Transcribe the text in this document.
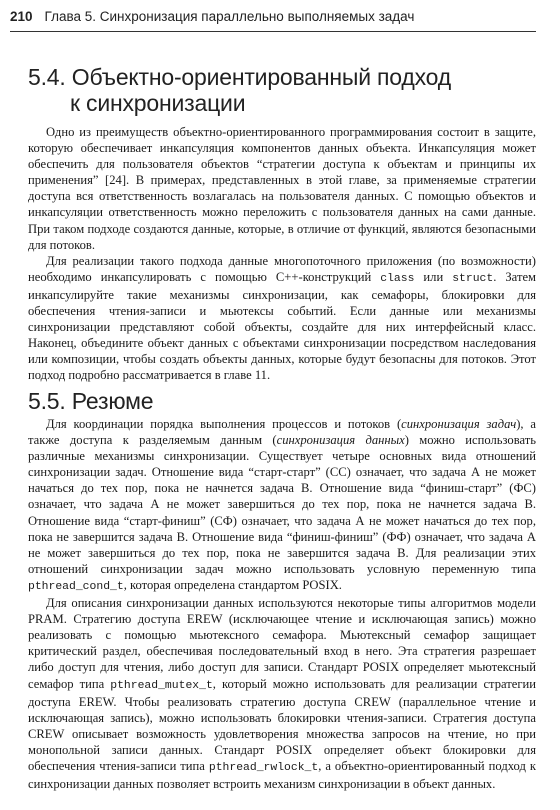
210 Глава 5. Синхронизация параллельно выполняемых задач
5.4. Объектно-ориентированный подход
к синхронизации

Одно из преимуществ объектно-ориентированного программирования состоит в защите, которую обеспечивает инкапсуляция компонентов данных объекта. Инкапсуляция может обеспечить для пользователя объектов “стратегии доступа к объектам и принципы их применения” [24]. В примерах, представленных в этой главе, за применяемые стратегии доступа вся ответственность возлагалась на пользователя данных. С помощью объектов и инкапсуляции ответственность можно переложить с пользователя данных на сами данные. При таком подходе создаются данные, которые, в отличие от функций, являются безопасными для потоков.

Для реализации такого подхода данные многопоточного приложения (по возможности) необходимо инкапсулировать с помощью C++-конструкций class или struct. Затем инкапсулируйте такие механизмы синхронизации, как семафоры, блокировки для обеспечения чтения-записи и мьютексы событий. Если данные или механизмы синхронизации представляют собой объекты, создайте для них интерфейсный класс. Наконец, объедините объект данных с объектами синхронизации посредством наследования или композиции, чтобы создать объекты данных, которые будут безопасны для потоков. Этот подход подробно рассматривается в главе 11.

5.5. Резюме

Для координации порядка выполнения процессов и потоков (синхронизация задач), а также доступа к разделяемым данным (синхронизация данных) можно использовать различные механизмы синхронизации. Существует четыре основных вида отношений синхронизации задач. Отношение вида “старт-старт” (СС) означает, что задача А не может начаться до тех пор, пока не начнется задача В. Отношение вида “финиш-старт” (ФС) означает, что задача А не может завершиться до тех пор, пока не начнется задача В. Отношение вида “старт-финиш” (СФ) означает, что задача А не может начаться до тех пор, пока не завершится задача В. Отношение вида “финиш-финиш” (ФФ) означает, что задача А не может завершиться до тех пор, пока не завершится задача В. Для реализации этих отношений синхронизации задач можно использовать условную переменную типа pthread_cond_t, которая определена стандартом POSIX.

Для описания синхронизации данных используются некоторые типы алгоритмов модели PRAM. Стратегию доступа EREW (исключающее чтение и исключающая запись) можно реализовать с помощью мьютексного семафора. Мьютексный семафор защищает критический раздел, обеспечивая последовательный вход в него. Эта стратегия разрешает либо доступ для чтения, либо доступ для записи. Стандарт POSIX определяет мьютексный семафор типа pthread_mutex_t, который можно использовать для реализации стратегии доступа EREW. Чтобы реализовать стратегию доступа CREW (параллельное чтение и исключающая запись), можно использовать блокировки чтения-записи. Стратегия доступа CREW описывает возможность удовлетворения множества запросов на чтение, но при монопольной записи данных. Стандарт POSIX определяет объект блокировки для обеспечения чтения-записи типа pthread_rwlock_t, а объектно-ориентированный подход к синхронизации данных позволяет встроить механизм синхронизации в объект данных.
